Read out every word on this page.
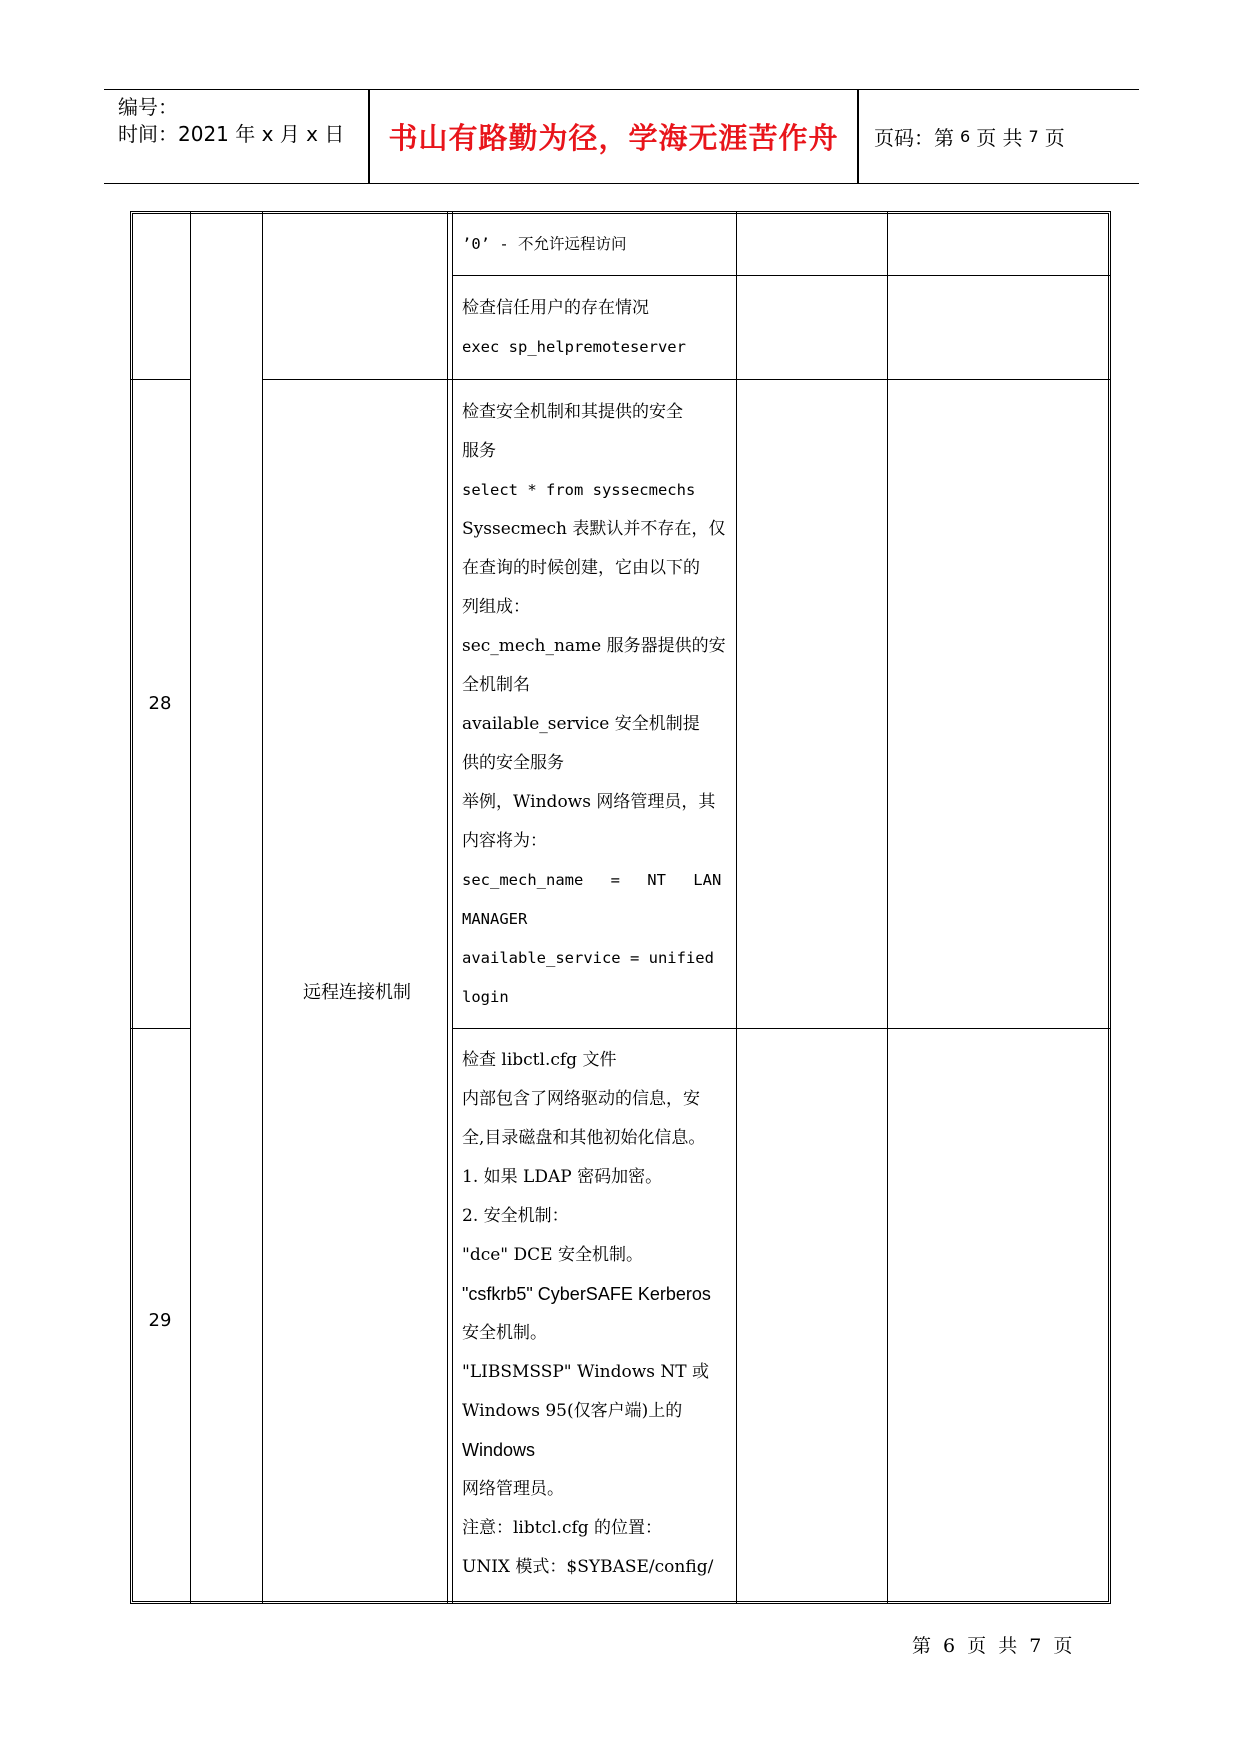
编号：
时间：2021 年 x 月 x 日	书山有路勤为径，学海无涯苦作舟	页码：第 6 页 共 7 页
’0’ - 不允许远程访问
检查信任用户的存在情况
exec sp_helpremoteserver
28
远程连接机制
检查安全机制和其提供的安全
服务
select * from syssecmechs
Syssecmech 表默认并不存在，仅
在查询的时候创建，它由以下的
列组成：
sec_mech_name 服务器提供的安
全机制名
available_service 安全机制提
供的安全服务
举例，Windows 网络管理员，其
内容将为：
sec_mech_name = NT LAN
MANAGER
available_service = unified
login
29
检查 libctl.cfg 文件
内部包含了网络驱动的信息，安
全,目录磁盘和其他初始化信息。
1. 如果 LDAP 密码加密。
2. 安全机制：
"dce" DCE 安全机制。
"csfkrb5" CyberSAFE Kerberos
安全机制。
"LIBSMSSP" Windows NT 或
Windows 95(仅客户端)上的
Windows
网络管理员。
注意：libtcl.cfg 的位置：
UNIX 模式：$SYBASE/config/
第 6 页 共 7 页
